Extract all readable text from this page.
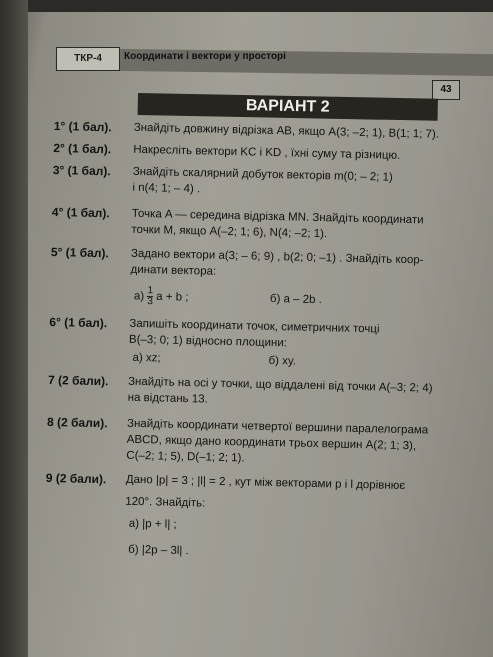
ТКР-4	Координати і вектори у просторі
43
ВАРІАНТ 2
1° (1 бал).	Знайдіть довжину відрізка AB, якщо A(3; –2; 1), B(1; 1; 7).
2° (1 бал).	Накресліть вектори KC і KD , їхні суму та різницю.
3° (1 бал).	Знайдіть скалярний добуток векторів m(0; – 2; 1)
і n(4; 1; – 4) .
4° (1 бал).	Точка A — середина відрізка MN. Знайдіть координати
точки M, якщо A(–2; 1; 6), N(4; –2; 1).
5° (1 бал).	Задано вектори a(3; – 6; 9) , b(2; 0; –1) . Знайдіть коор-
динати вектора:
$а) \frac{1}{3}$ a + b ;	б) a – 2b .
6° (1 бал).	Запишіть координати точок, симетричних точці
B(–3; 0; 1) відносно площини:
а) xz;	б) xy.
7 (2 бали).	Знайдіть на осі y точки, що віддалені від точки A(–3; 2; 4)
на відстань 13.
8 (2 бали).	Знайдіть координати четвертої вершини паралелограма
ABCD, якщо дано координати трьох вершин A(2; 1; 3),
C(–2; 1; 5), D(–1; 2; 1).
9 (2 бали).	Дано |p| = 3 ; |l| = 2 , кут між векторами p і l дорівнює
120°. Знайдіть:
а) |p + l| ;
б) |2p – 3l| .
